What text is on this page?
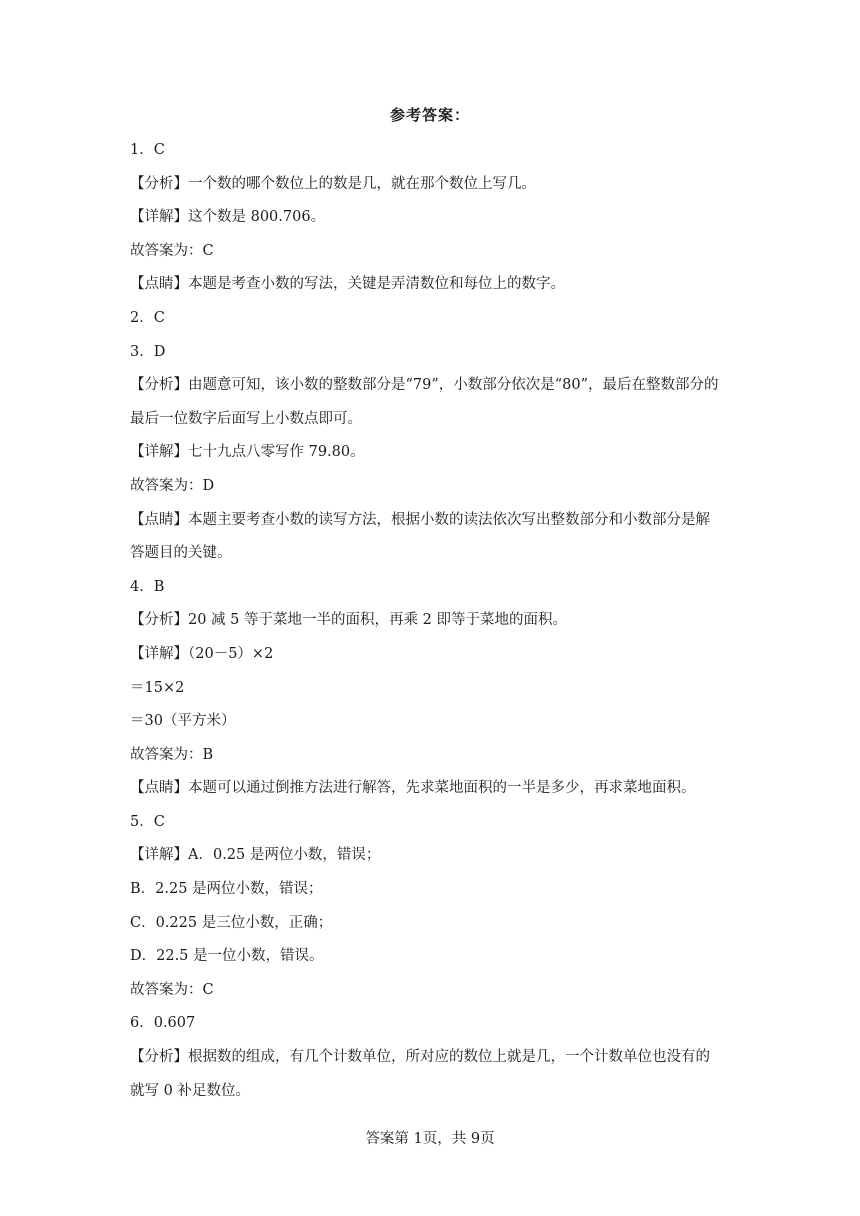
参考答案：
1．C
【分析】一个数的哪个数位上的数是几，就在那个数位上写几。
【详解】这个数是 800.706。
故答案为：C
【点睛】本题是考查小数的写法，关键是弄清数位和每位上的数字。
2．C
3．D
【分析】由题意可知，该小数的整数部分是“79”，小数部分依次是“80”，最后在整数部分的
最后一位数字后面写上小数点即可。
【详解】七十九点八零写作 79.80。
故答案为：D
【点睛】本题主要考查小数的读写方法，根据小数的读法依次写出整数部分和小数部分是解
答题目的关键。
4．B
【分析】20 减 5 等于菜地一半的面积，再乘 2 即等于菜地的面积。
【详解】（20－5）×2
＝15×2
＝30（平方米）
故答案为：B
【点睛】本题可以通过倒推方法进行解答，先求菜地面积的一半是多少，再求菜地面积。
5．C
【详解】A．0.25 是两位小数，错误；
B．2.25 是两位小数，错误；
C．0.225 是三位小数，正确；
D．22.5 是一位小数，错误。
故答案为：C
6．0.607
【分析】根据数的组成，有几个计数单位，所对应的数位上就是几，一个计数单位也没有的
就写 0 补足数位。
答案第 1页，共 9页
